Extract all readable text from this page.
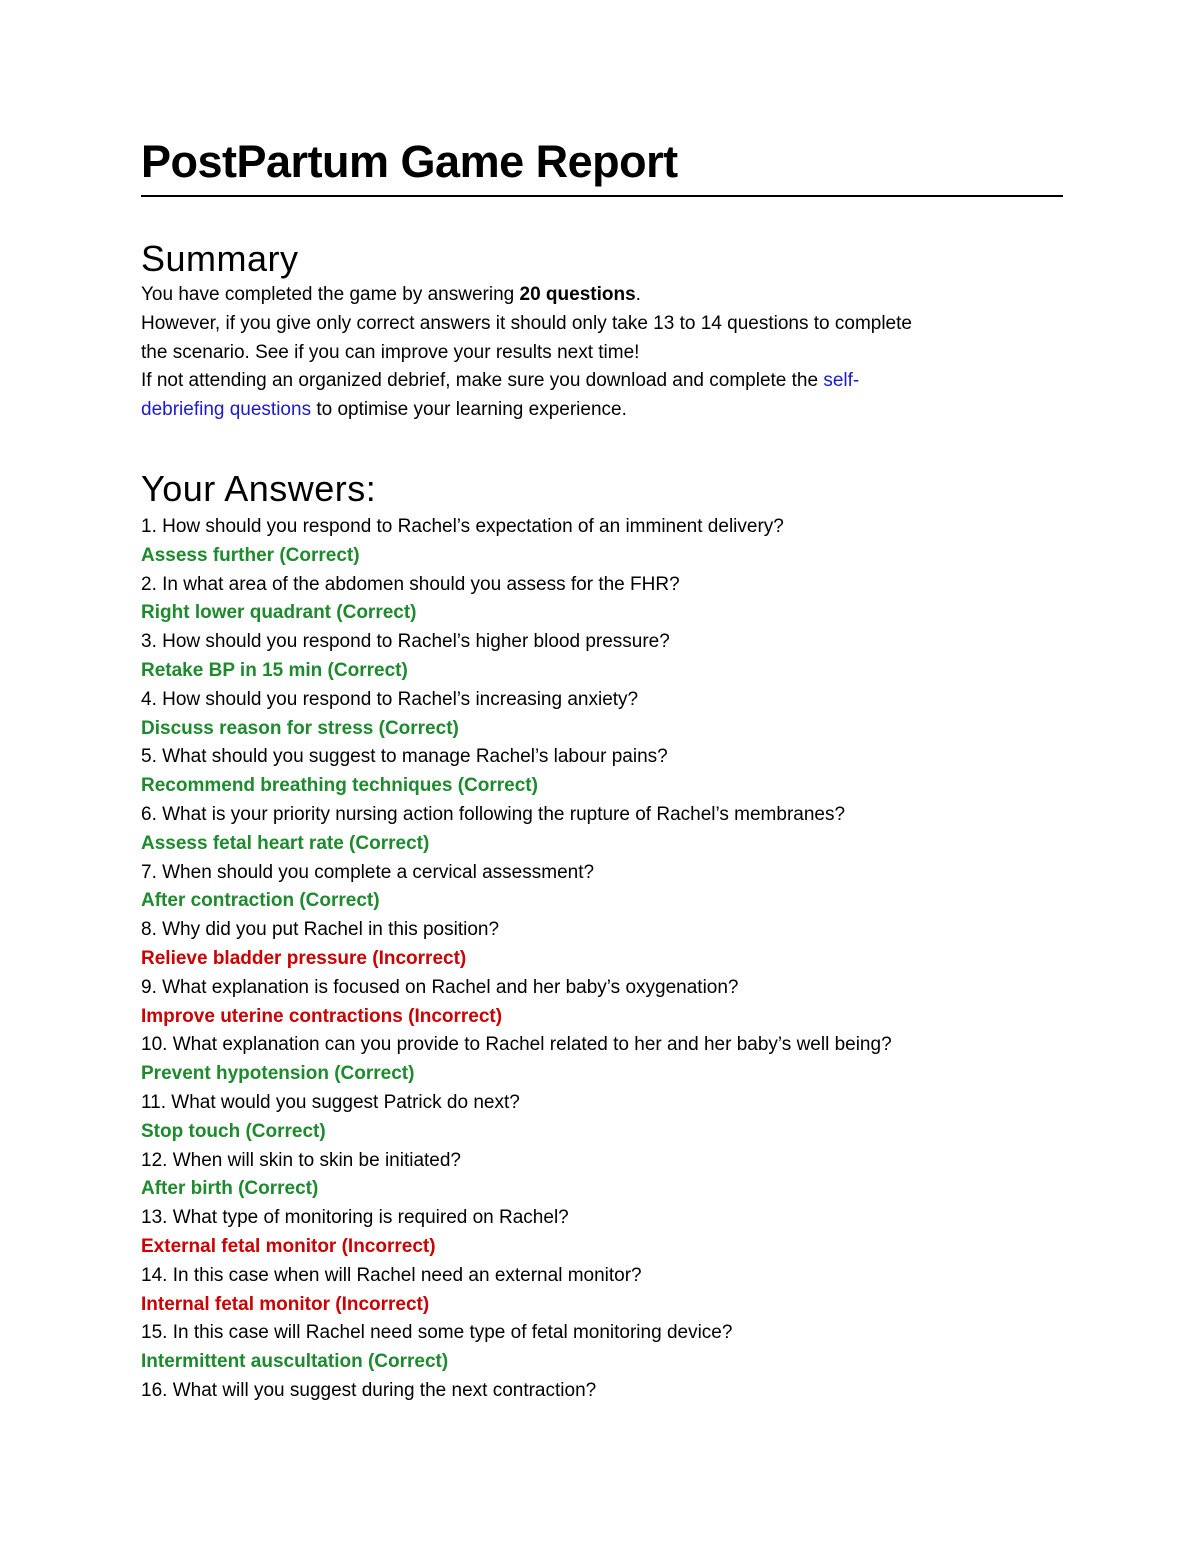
PostPartum Game Report
Summary

You have completed the game by answering 20 questions.

However, if you give only correct answers it should only take 13 to 14 questions to complete

the scenario. See if you can improve your results next time!

If not attending an organized debrief, make sure you download and complete the self-

debriefing questions to optimise your learning experience.

Your Answers:

1. How should you respond to Rachel’s expectation of an imminent delivery?

Assess further (Correct)

2. In what area of the abdomen should you assess for the FHR?

Right lower quadrant (Correct)

3. How should you respond to Rachel’s higher blood pressure?

Retake BP in 15 min (Correct)

4. How should you respond to Rachel’s increasing anxiety?

Discuss reason for stress (Correct)

5. What should you suggest to manage Rachel’s labour pains?

Recommend breathing techniques (Correct)

6. What is your priority nursing action following the rupture of Rachel’s membranes?

Assess fetal heart rate (Correct)

7. When should you complete a cervical assessment?

After contraction (Correct)

8. Why did you put Rachel in this position?

Relieve bladder pressure (Incorrect)

9. What explanation is focused on Rachel and her baby’s oxygenation?

Improve uterine contractions (Incorrect)

10. What explanation can you provide to Rachel related to her and her baby’s well being?

Prevent hypotension (Correct)

11. What would you suggest Patrick do next?

Stop touch (Correct)

12. When will skin to skin be initiated?

After birth (Correct)

13. What type of monitoring is required on Rachel?

External fetal monitor (Incorrect)

14. In this case when will Rachel need an external monitor?

Internal fetal monitor (Incorrect)

15. In this case will Rachel need some type of fetal monitoring device?

Intermittent auscultation (Correct)

16. What will you suggest during the next contraction?
